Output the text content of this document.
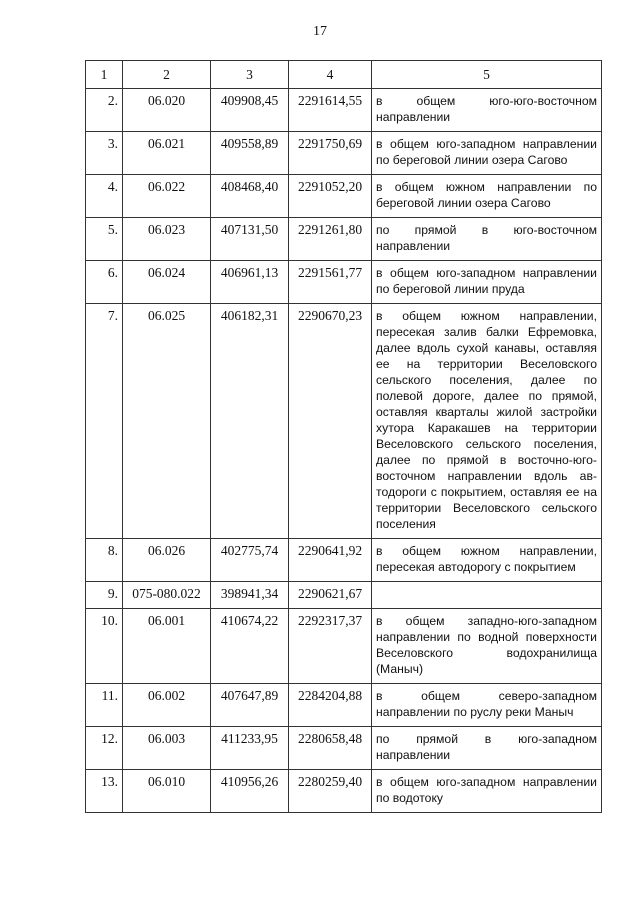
17
1	2	3	4	5
2.	06.020	409908,45	2291614,55	в общем юго-юго-восточном направлении
3.	06.021	409558,89	2291750,69	в общем юго-западном направлении по береговой линии озера Сагово
4.	06.022	408468,40	2291052,20	в общем южном направлении по береговой линии озера Сагово
5.	06.023	407131,50	2291261,80	по прямой в юго-восточном направлении
6.	06.024	406961,13	2291561,77	в общем юго-западном направлении по береговой линии пруда
7.	06.025	406182,31	2290670,23	в общем южном направлении, пересекая залив балки Ефремовка, далее вдоль сухой канавы, оставляя ее на территории Веселовского сельского поселения, далее по полевой дороге, далее по прямой, оставляя кварталы жилой застройки хутора Каракашев на территории Веселовского сельского поселения, далее по прямой в восточно-юго-восточном направлении вдоль автодороги с покрытием, оставляя ее на территории Веселовского сельского поселения
8.	06.026	402775,74	2290641,92	в общем южном направлении, пересекая автодорогу с покрытием
9.	075-080.022	398941,34	2290621,67	
10.	06.001	410674,22	2292317,37	в общем западно-юго-западном направлении по водной поверхности Веселовского водохранилища (Маныч)
11.	06.002	407647,89	2284204,88	в общем северо-западном направлении по руслу реки Маныч
12.	06.003	411233,95	2280658,48	по прямой в юго-западном направлении
13.	06.010	410956,26	2280259,40	в общем юго-западном направлении по водотоку
